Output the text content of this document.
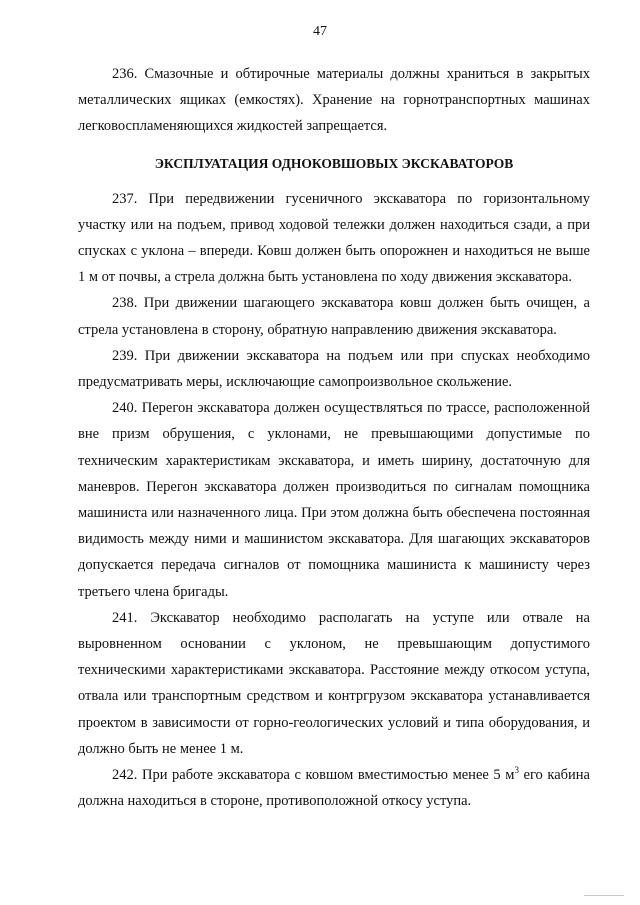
47

236. Смазочные и обтирочные материалы должны храниться в закрытых металлических ящиках (емкостях). Хранение на горнотранспортных машинах легковоспламеняющихся жидкостей запрещается.

ЭКСПЛУАТАЦИЯ ОДНОКОВШОВЫХ ЭКСКАВАТОРОВ

237. При передвижении гусеничного экскаватора по горизонтальному участку или на подъем, привод ходовой тележки должен находиться сзади, а при спусках с уклона – впереди. Ковш должен быть опорожнен и находиться не выше 1 м от почвы, а стрела должна быть установлена по ходу движения экскаватора.

238. При движении шагающего экскаватора ковш должен быть очищен, а стрела установлена в сторону, обратную направлению движения экскаватора.

239. При движении экскаватора на подъем или при спусках необходимо предусматривать меры, исключающие самопроизвольное скольжение.

240. Перегон экскаватора должен осуществляться по трассе, расположенной вне призм обрушения, с уклонами, не превышающими допустимые по техническим характеристикам экскаватора, и иметь ширину, достаточную для маневров. Перегон экскаватора должен производиться по сигналам помощника машиниста или назначенного лица. При этом должна быть обеспечена постоянная видимость между ними и машинистом экскаватора. Для шагающих экскаваторов допускается передача сигналов от помощника машиниста к машинисту через третьего члена бригады.

241. Экскаватор необходимо располагать на уступе или отвале на выровненном основании с уклоном, не превышающим допустимого техническими характеристиками экскаватора. Расстояние между откосом уступа, отвала или транспортным средством и контргрузом экскаватора устанавливается проектом в зависимости от горно-геологических условий и типа оборудования, и должно быть не менее 1 м.

242. При работе экскаватора с ковшом вместимостью менее 5 $м^3$ его кабина должна находиться в стороне, противоположной откосу уступа.
